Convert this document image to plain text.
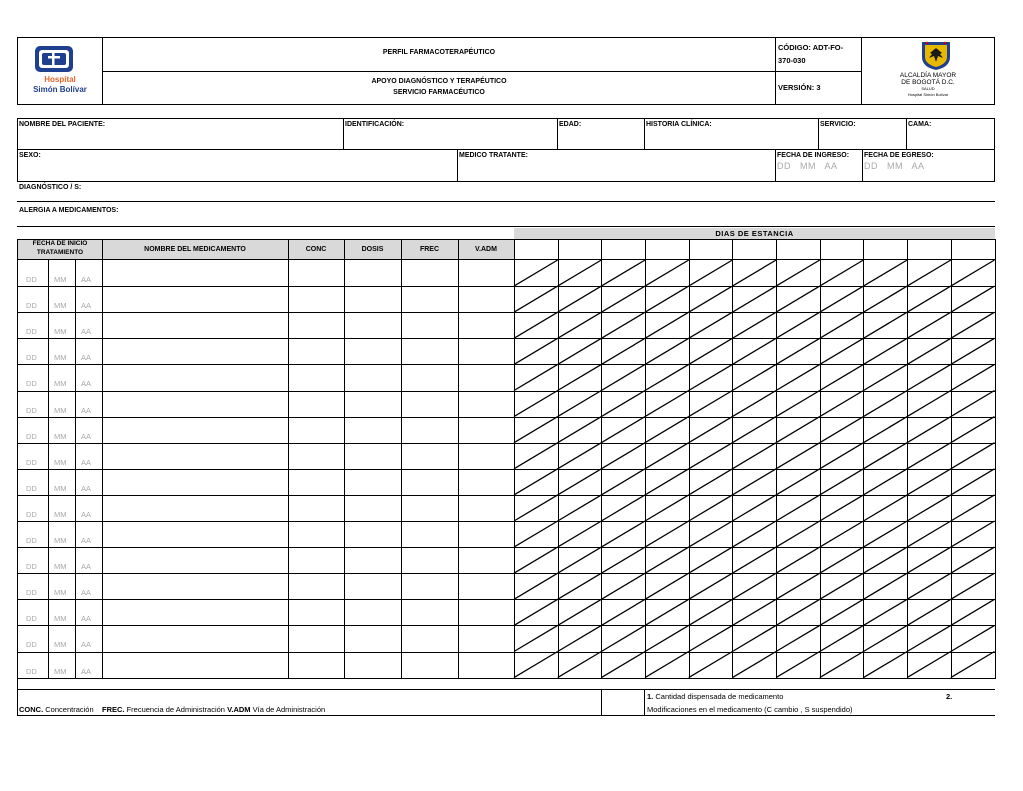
Hospital
Simón Bolívar
PERFIL FARMACOTERAPÉUTICO
APOYO DIAGNÓSTICO Y TERAPÉUTICO
SERVICIO FARMACÉUTICO
CÓDIGO: ADT-FO-
370-030
VERSIÓN: 3
ALCALDÍA MAYOR
DE BOGOTÁ D.C.
SALUD
Hospital Simón Bolívar
NOMBRE DEL PACIENTE:	IDENTIFICACIÓN:	EDAD:	HISTORIA CLÍNICA:	SERVICIO:	CAMA:
SEXO:	MEDICO TRATANTE:	FECHA DE INGRESO: FECHA DE EGRESO:
DD   MM   AA	DD   MM   AA
DIAGNÓSTICO / S:
ALERGIA A MEDICAMENTOS:
DIAS DE ESTANCIA
FECHA DE INICIO
TRATAMIENTO	NOMBRE DEL MEDICAMENTO	CONC	DOSIS	FREC	V.ADM
DD MM AA
DD MM AA
DD MM AA
DD MM AA
DD MM AA
DD MM AA
DD MM AA
DD MM AA
DD MM AA
DD MM AA
DD MM AA
DD MM AA
DD MM AA
DD MM AA
DD MM AA
DD MM AA
CONC. Concentración FREC. Frecuencia de Administración V.ADM Vía de Administración
1. Cantidad dispensada de medicamento	2.
Modificaciones en el medicamento (C cambio , S suspendido)
